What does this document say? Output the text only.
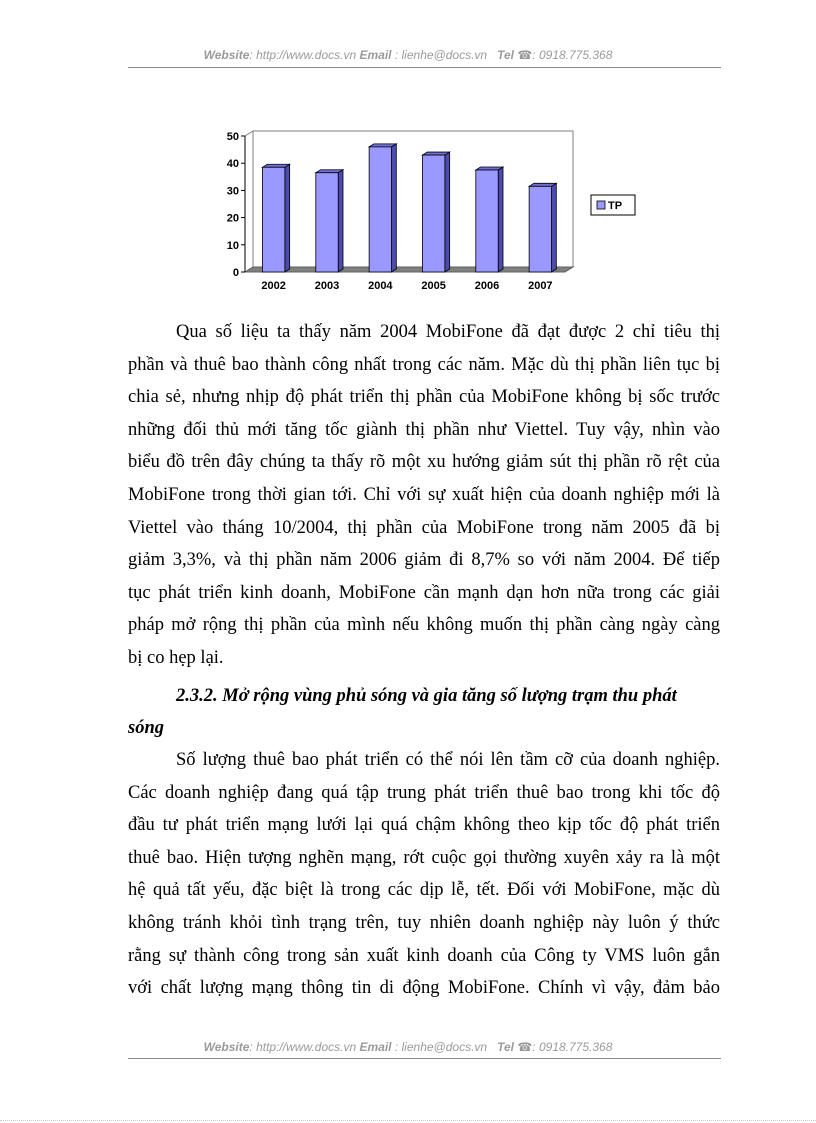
Website: http://www.docs.vn Email : lienhe@docs.vn Tel ☎: 0918.775.368
0
10
20
30
40
50
2002	2003	2004	2005	2006	2007
TP
Qua số liệu ta thấy năm 2004 MobiFone đã đạt được 2 chỉ tiêu thị
phần và thuê bao thành công nhất trong các năm. Mặc dù thị phần liên tục bị
chia sẻ, nhưng nhịp độ phát triển thị phần của MobiFone không bị sốc trước
những đối thủ mới tăng tốc giành thị phần như Viettel. Tuy vậy, nhìn vào
biểu đồ trên đây chúng ta thấy rõ một xu hướng giảm sút thị phần rõ rệt của
MobiFone trong thời gian tới. Chỉ với sự xuất hiện của doanh nghiệp mới là
Viettel vào tháng 10/2004, thị phần của MobiFone trong năm 2005 đã bị
giảm 3,3%, và thị phần năm 2006 giảm đi 8,7% so với năm 2004. Để tiếp
tục phát triển kinh doanh, MobiFone cần mạnh dạn hơn nữa trong các giải
pháp mở rộng thị phần của mình nếu không muốn thị phần càng ngày càng
bị co hẹp lại.
2.3.2. Mở rộng vùng phủ sóng và gia tăng số lượng trạm thu phát
sóng
Số lượng thuê bao phát triển có thể nói lên tầm cỡ của doanh nghiệp.
Các doanh nghiệp đang quá tập trung phát triển thuê bao trong khi tốc độ
đầu tư phát triển mạng lưới lại quá chậm không theo kịp tốc độ phát triển
thuê bao. Hiện tượng nghẽn mạng, rớt cuộc gọi thường xuyên xảy ra là một
hệ quả tất yếu, đặc biệt là trong các dịp lễ, tết. Đối với MobiFone, mặc dù
không tránh khỏi tình trạng trên, tuy nhiên doanh nghiệp này luôn ý thức
rằng sự thành công trong sản xuất kinh doanh của Công ty VMS luôn gắn
với chất lượng mạng thông tin di động MobiFone. Chính vì vậy, đảm bảo
Website: http://www.docs.vn Email : lienhe@docs.vn Tel ☎: 0918.775.368
